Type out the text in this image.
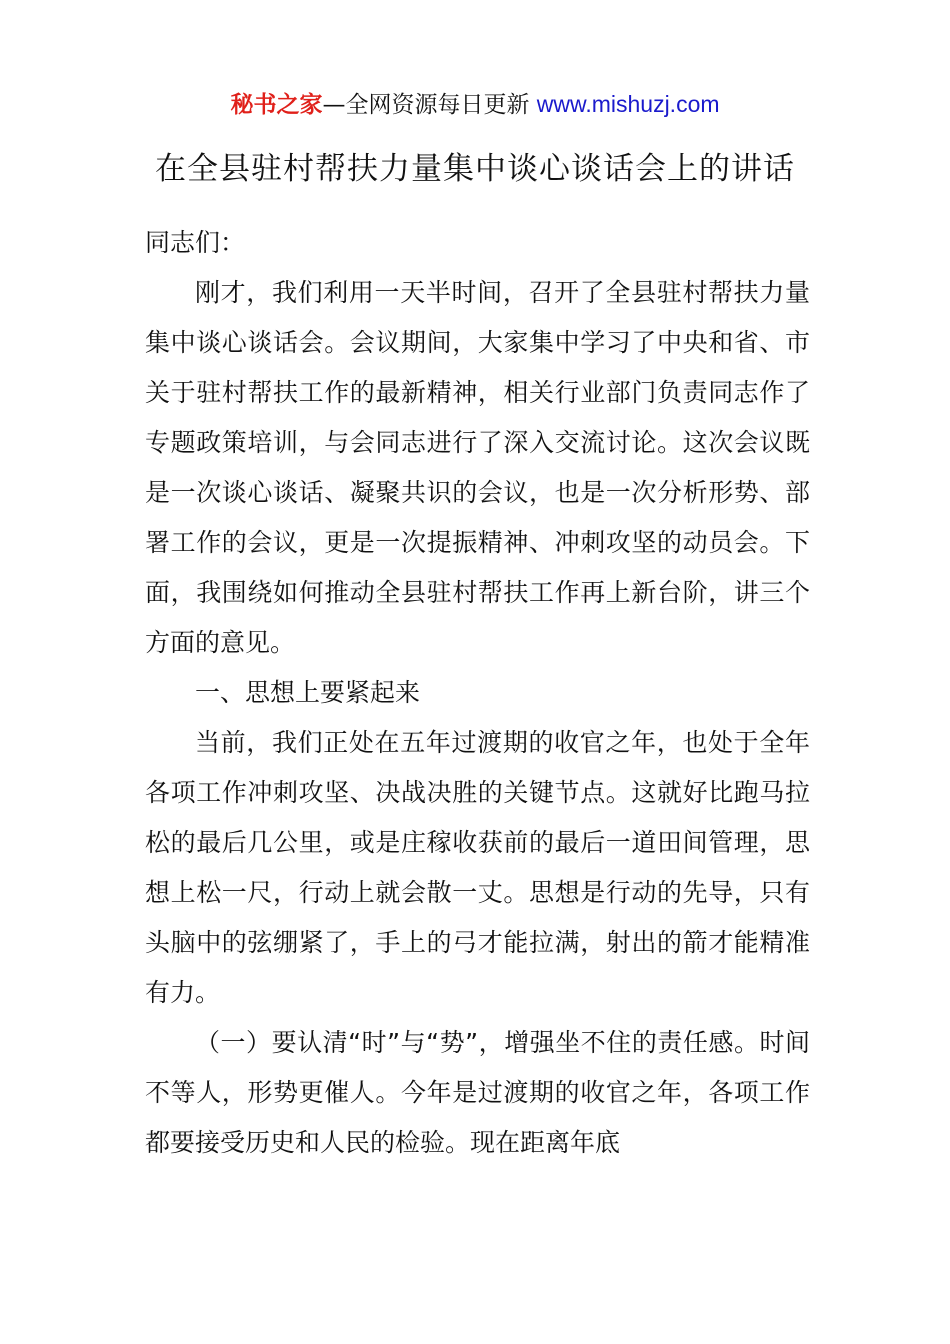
秘书之家—全网资源每日更新 www.mishuzj.com
在全县驻村帮扶力量集中谈心谈话会上的讲话

同志们：

刚才，我们利用一天半时间，召开了全县驻村帮扶力量集中谈心谈话会。会议期间，大家集中学习了中央和省、市关于驻村帮扶工作的最新精神，相关行业部门负责同志作了专题政策培训，与会同志进行了深入交流讨论。这次会议既是一次谈心谈话、凝聚共识的会议，也是一次分析形势、部署工作的会议，更是一次提振精神、冲刺攻坚的动员会。下面，我围绕如何推动全县驻村帮扶工作再上新台阶，讲三个方面的意见。

一、思想上要紧起来

当前，我们正处在五年过渡期的收官之年，也处于全年各项工作冲刺攻坚、决战决胜的关键节点。这就好比跑马拉松的最后几公里，或是庄稼收获前的最后一道田间管理，思想上松一尺，行动上就会散一丈。思想是行动的先导，只有头脑中的弦绷紧了，手上的弓才能拉满，射出的箭才能精准有力。

（一）要认清“时”与“势”，增强坐不住的责任感。时间不等人，形势更催人。今年是过渡期的收官之年，各项工作都要接受历史和人民的检验。现在距离年底
